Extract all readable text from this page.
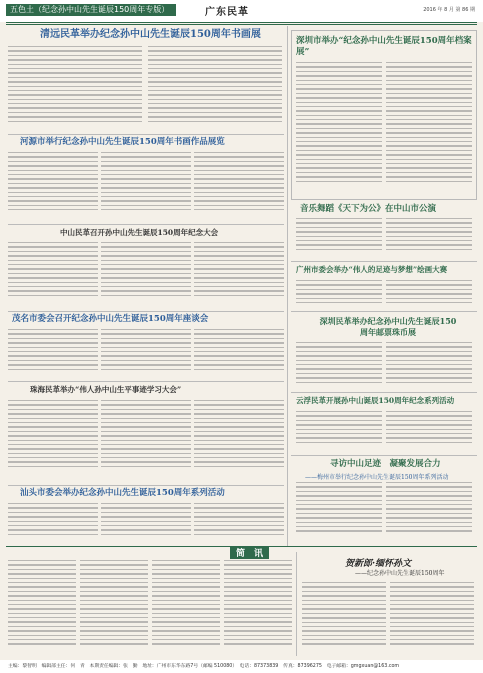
五色土（纪念孙中山先生诞辰150周年专版）	广东民革	2016 年 8 月 第 86 期
清远民革举办纪念孙中山先生诞辰150周年书画展
河源市举行纪念孙中山先生诞辰150周年书画作品展览
中山民革召开孙中山先生诞辰150周年纪念大会
茂名市委会召开纪念孙中山先生诞辰150周年座谈会
珠海民革举办“伟人孙中山生平事迹学习大会”
汕头市委会举办纪念孙中山先生诞辰150周年系列活动
深圳市举办“纪念孙中山先生诞辰150周年档案展”
音乐舞蹈《天下为公》在中山市公演
广州市委会举办“伟人的足迹与梦想”绘画大赛
深圳民革举办纪念孙中山先生诞辰150周年邮票珠币展
云浮民革开展孙中山诞辰150周年纪念系列活动
寻访中山足迹　凝聚发展合力
——梅州市举行纪念孙中山先生诞辰150周年系列活动
简　讯
贺新郎·缅怀孙文
——纪念孙中山先生诞辰150周年
主编：黎智明　编辑部主任：何　青　本期责任编辑：张　勤　地址：广州市东华东路7号（邮编 510080）　电话：87373839　传真：87396275　电子邮箱：gmgxuan@163.com
